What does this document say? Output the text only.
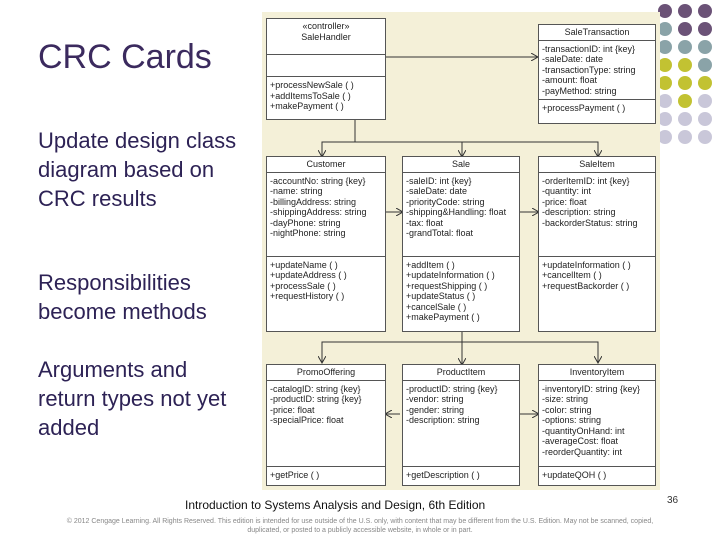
CRC Cards
Update design class diagram based on CRC results
Responsibilities become methods
Arguments and return types not yet added
«controller»
SaleHandler
+processNewSale ( )
+addItemsToSale ( )
+makePayment ( )
SaleTransaction
-transactionID: int {key}
-saleDate: date
-transactionType: string
-amount: float
-payMethod: string
+processPayment ( )
Customer
-accountNo: string {key}
-name: string
-billingAddress: string
-shippingAddress: string
-dayPhone: string
-nightPhone: string
+updateName ( )
+updateAddress ( )
+processSale ( )
+requestHistory ( )
Sale
-saleID: int {key}
-saleDate: date
-priorityCode: string
-shipping&Handling: float
-tax: float
-grandTotal: float
+addItem ( )
+updateInformation ( )
+requestShipping ( )
+updateStatus ( )
+cancelSale ( )
+makePayment ( )
SaleItem
-orderItemID: int {key}
-quantity: int
-price: float
-description: string
-backorderStatus: string
+updateInformation ( )
+cancelItem ( )
+requestBackorder ( )
PromoOffering
-catalogID: string {key}
-productID: string {key}
-price: float
-specialPrice: float
+getPrice ( )
ProductItem
-productID: string {key}
-vendor: string
-gender: string
-description: string
+getDescription ( )
InventoryItem
-inventoryID: string {key}
-size: string
-color: string
-options: string
-quantityOnHand: int
-averageCost: float
-reorderQuantity: int
+updateQOH ( )
Introduction to Systems Analysis and Design, 6th Edition	36
© 2012 Cengage Learning. All Rights Reserved. This edition is intended for use outside of the U.S. only, with content that may be different from the U.S. Edition. May not be scanned, copied, duplicated, or posted to a publicly accessible website, in whole or in part.
